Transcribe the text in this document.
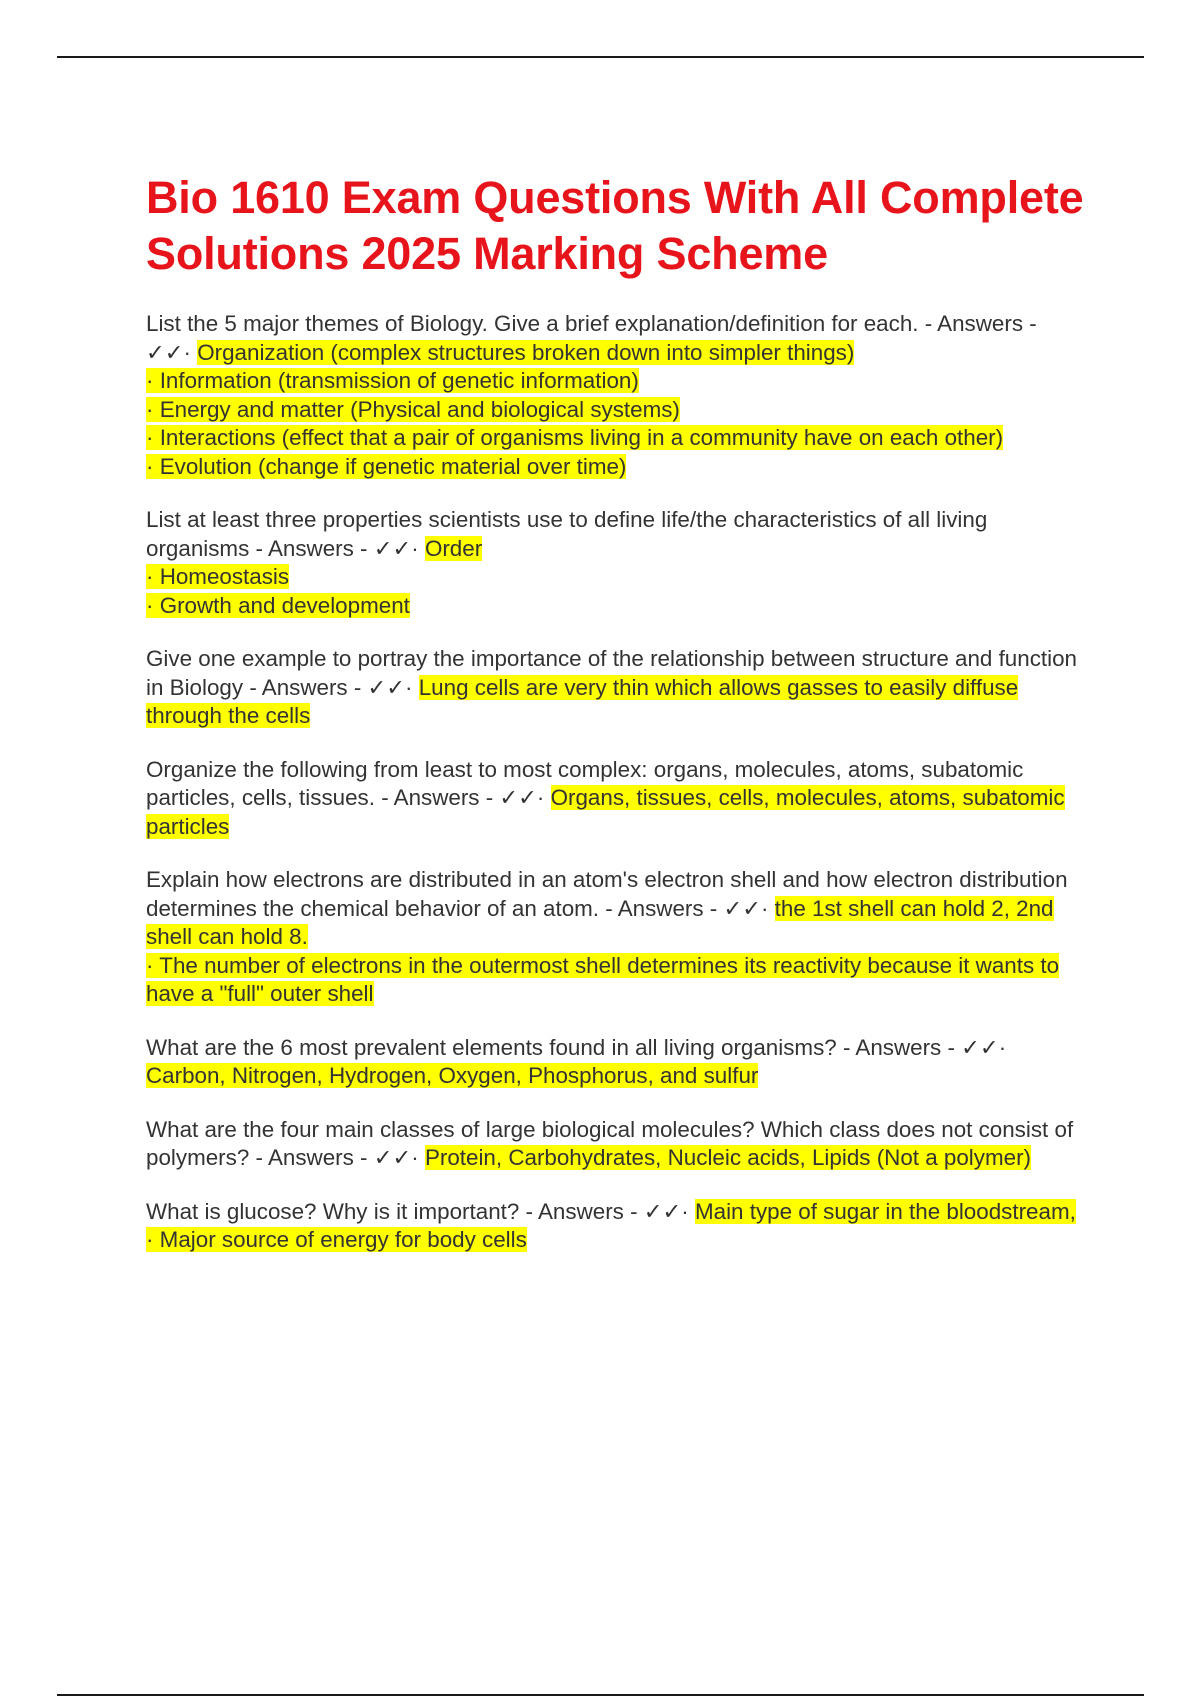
Bio 1610 Exam Questions With All Complete Solutions 2025 Marking Scheme
List the 5 major themes of Biology. Give a brief explanation/definition for each. - Answers - ✓✓· Organization (complex structures broken down into simpler things)
· Information (transmission of genetic information)
· Energy and matter (Physical and biological systems)
· Interactions (effect that a pair of organisms living in a community have on each other)
· Evolution (change if genetic material over time)
List at least three properties scientists use to define life/the characteristics of all living organisms - Answers - ✓✓· Order
· Homeostasis
· Growth and development
Give one example to portray the importance of the relationship between structure and function in Biology - Answers - ✓✓· Lung cells are very thin which allows gasses to easily diffuse through the cells
Organize the following from least to most complex: organs, molecules, atoms, subatomic particles, cells, tissues. - Answers - ✓✓· Organs, tissues, cells, molecules, atoms, subatomic particles
Explain how electrons are distributed in an atom's electron shell and how electron distribution determines the chemical behavior of an atom. - Answers - ✓✓· the 1st shell can hold 2, 2nd shell can hold 8.
· The number of electrons in the outermost shell determines its reactivity because it wants to have a "full" outer shell
What are the 6 most prevalent elements found in all living organisms? - Answers - ✓✓· Carbon, Nitrogen, Hydrogen, Oxygen, Phosphorus, and sulfur
What are the four main classes of large biological molecules? Which class does not consist of polymers? - Answers - ✓✓· Protein, Carbohydrates, Nucleic acids, Lipids (Not a polymer)
What is glucose? Why is it important? - Answers - ✓✓· Main type of sugar in the bloodstream, · Major source of energy for body cells
